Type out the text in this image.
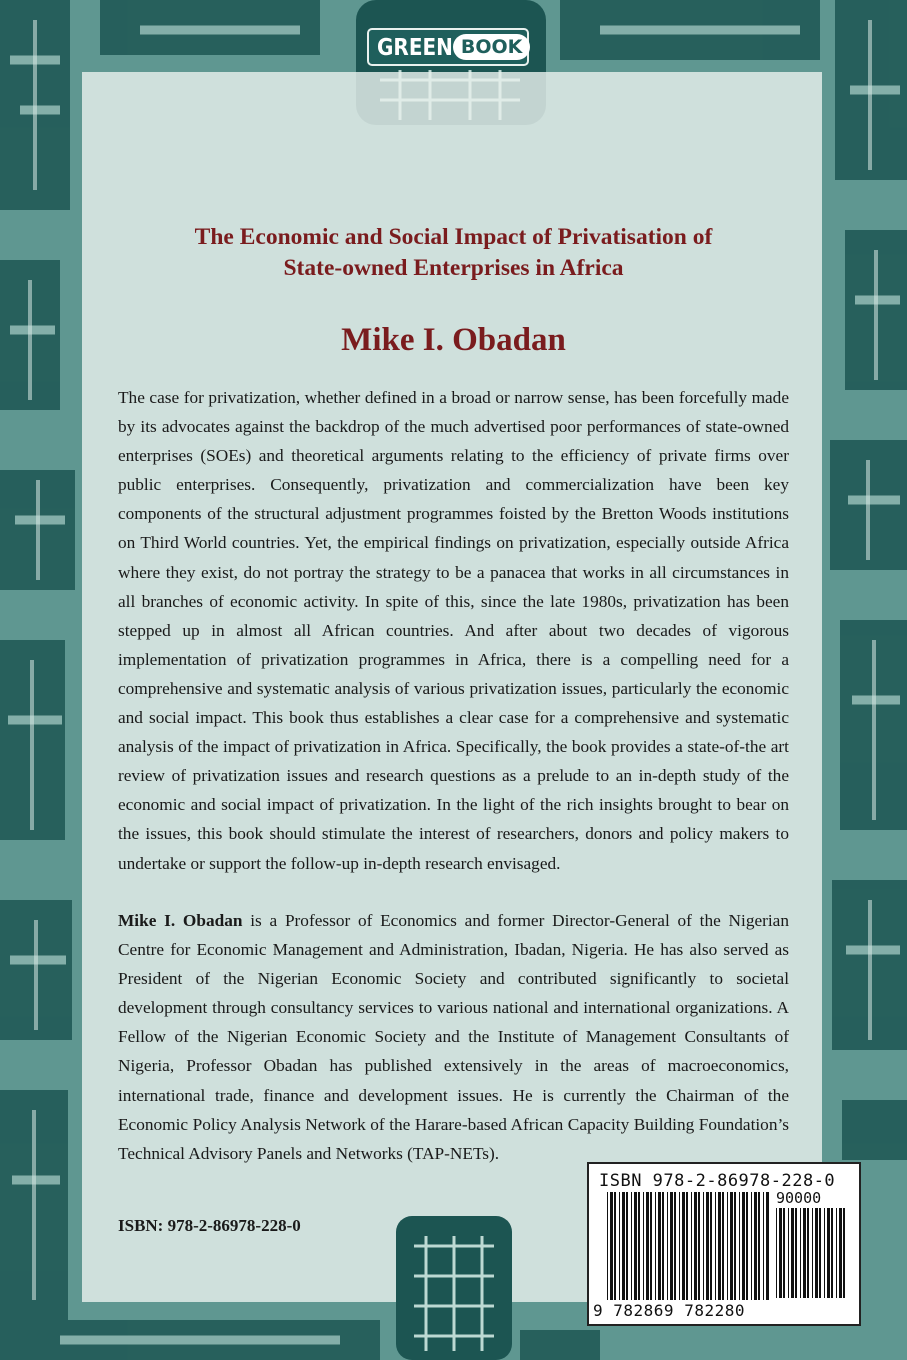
GREEN BOOK
The Economic and Social Impact of Privatisation of
State-owned Enterprises in Africa
Mike I. Obadan

The case for privatization, whether defined in a broad or narrow sense, has been forcefully made by its advocates against the backdrop of the much advertised poor performances of state-owned enterprises (SOEs) and theoretical arguments relating to the efficiency of private firms over public enterprises. Consequently, privatization and commercialization have been key components of the structural adjustment programmes foisted by the Bretton Woods institutions on Third World countries. Yet, the empirical findings on privatization, especially outside Africa where they exist, do not portray the strategy to be a panacea that works in all circumstances in all branches of economic activity. In spite of this, since the late 1980s, privatization has been stepped up in almost all African countries. And after about two decades of vigorous implementation of privatization programmes in Africa, there is a compelling need for a comprehensive and systematic analysis of various privatization issues, particularly the economic and social impact. This book thus establishes a clear case for a comprehensive and systematic analysis of the impact of privatization in Africa. Specifically, the book provides a state-of-the art review of privatization issues and research questions as a prelude to an in-depth study of the economic and social impact of privatization. In the light of the rich insights brought to bear on the issues, this book should stimulate the interest of researchers, donors and policy makers to undertake or support the follow-up in-depth research envisaged.

Mike I. Obadan is a Professor of Economics and former Director-General of the Nigerian Centre for Economic Management and Administration, Ibadan, Nigeria. He has also served as President of the Nigerian Economic Society and contributed significantly to societal development through consultancy services to various national and international organizations. A Fellow of the Nigerian Economic Society and the Institute of Management Consultants of Nigeria, Professor Obadan has published extensively in the areas of macroeconomics, international trade, finance and development issues. He is currently the Chairman of the Economic Policy Analysis Network of the Harare-based African Capacity Building Foundation’s Technical Advisory Panels and Networks (TAP-NETs).

ISBN: 978-2-86978-228-0

ISBN 978-2-86978-228-0
90000
9 782869 782280
